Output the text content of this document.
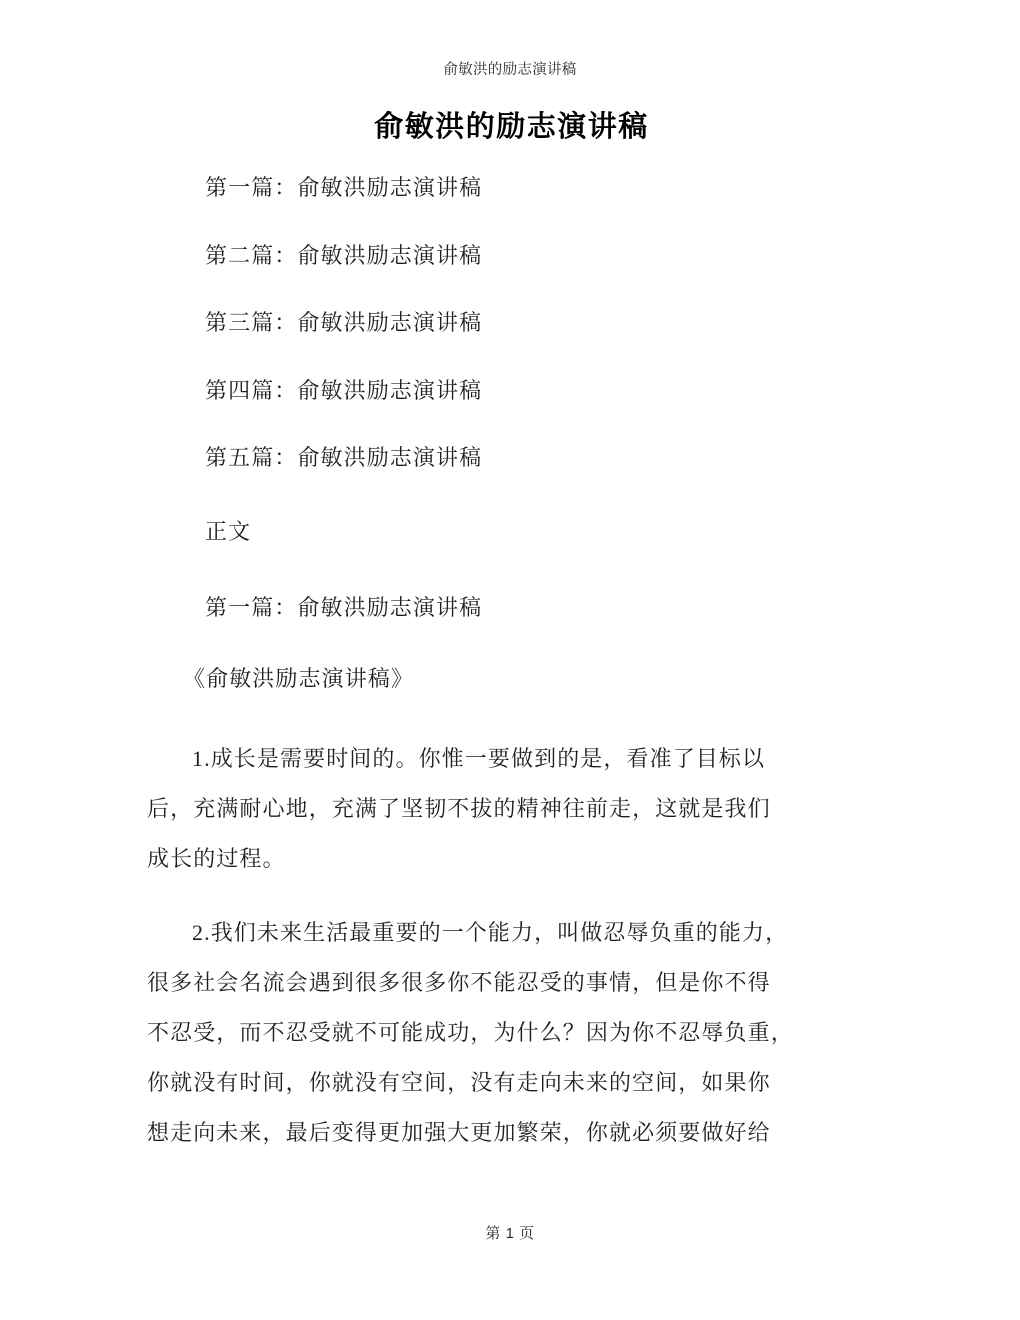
俞敏洪的励志演讲稿
俞敏洪的励志演讲稿
第一篇：俞敏洪励志演讲稿
第二篇：俞敏洪励志演讲稿
第三篇：俞敏洪励志演讲稿
第四篇：俞敏洪励志演讲稿
第五篇：俞敏洪励志演讲稿

正文

第一篇：俞敏洪励志演讲稿

《俞敏洪励志演讲稿》

1.成长是需要时间的。你惟一要做到的是，看准了目标以
后，充满耐心地，充满了坚韧不拔的精神往前走，这就是我们
成长的过程。
2.我们未来生活最重要的一个能力，叫做忍辱负重的能力，
很多社会名流会遇到很多很多你不能忍受的事情，但是你不得
不忍受，而不忍受就不可能成功，为什么？因为你不忍辱负重，
你就没有时间，你就没有空间，没有走向未来的空间，如果你
想走向未来，最后变得更加强大更加繁荣，你就必须要做好给
第 1 页
